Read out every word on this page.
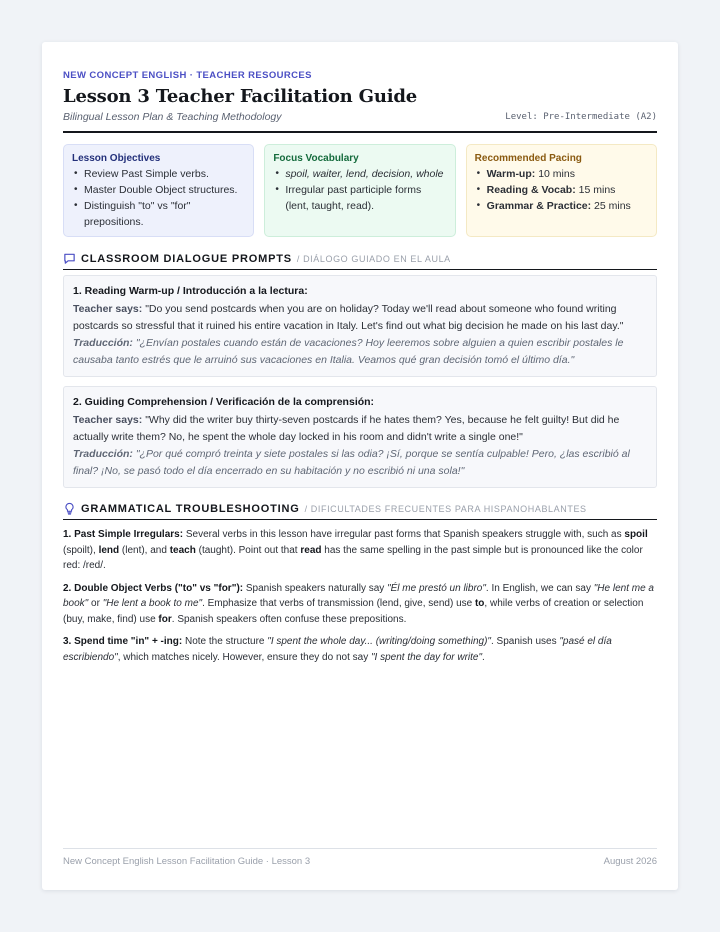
NEW CONCEPT ENGLISH · TEACHER RESOURCES
Lesson 3 Teacher Facilitation Guide
Bilingual Lesson Plan & Teaching Methodology	Level: Pre-Intermediate (A2)
Lesson Objectives
• Review Past Simple verbs.
• Master Double Object structures.
• Distinguish "to" vs "for" prepositions.
Focus Vocabulary
• spoil, waiter, lend, decision, whole
• Irregular past participle forms (lent, taught, read).
Recommended Pacing
• Warm-up: 10 mins
• Reading & Vocab: 15 mins
• Grammar & Practice: 25 mins
CLASSROOM DIALOGUE PROMPTS / DIÁLOGO GUIADO EN EL AULA
1. Reading Warm-up / Introducción a la lectura:

Teacher says: "Do you send postcards when you are on holiday? Today we'll read about someone who found writing postcards so stressful that it ruined his entire vacation in Italy. Let's find out what big decision he made on his last day."

Traducción: "¿Envían postales cuando están de vacaciones? Hoy leeremos sobre alguien a quien escribir postales le causaba tanto estrés que le arruinó sus vacaciones en Italia. Veamos qué gran decisión tomó el último día."

2. Guiding Comprehension / Verificación de la comprensión:

Teacher says: "Why did the writer buy thirty-seven postcards if he hates them? Yes, because he felt guilty! But did he actually write them? No, he spent the whole day locked in his room and didn't write a single one!"

Traducción: "¿Por qué compró treinta y siete postales si las odia? ¡Sí, porque se sentía culpable! Pero, ¿las escribió al final? ¡No, se pasó todo el día encerrado en su habitación y no escribió ni una sola!"

GRAMMATICAL TROUBLESHOOTING / DIFICULTADES FRECUENTES PARA HISPANOHABLANTES

1. Past Simple Irregulars: Several verbs in this lesson have irregular past forms that Spanish speakers struggle with, such as spoil (spoilt), lend (lent), and teach (taught). Point out that read has the same spelling in the past simple but is pronounced like the color red: /red/.

2. Double Object Verbs ("to" vs "for"): Spanish speakers naturally say "Él me prestó un libro". In English, we can say "He lent me a book" or "He lent a book to me". Emphasize that verbs of transmission (lend, give, send) use to, while verbs of creation or selection (buy, make, find) use for. Spanish speakers often confuse these prepositions.

3. Spend time "in" + -ing: Note the structure "I spent the whole day... (writing/doing something)". Spanish uses "pasé el día escribiendo", which matches nicely. However, ensure they do not say "I spent the day for write".

New Concept English Lesson Facilitation Guide · Lesson 3	August 2026
